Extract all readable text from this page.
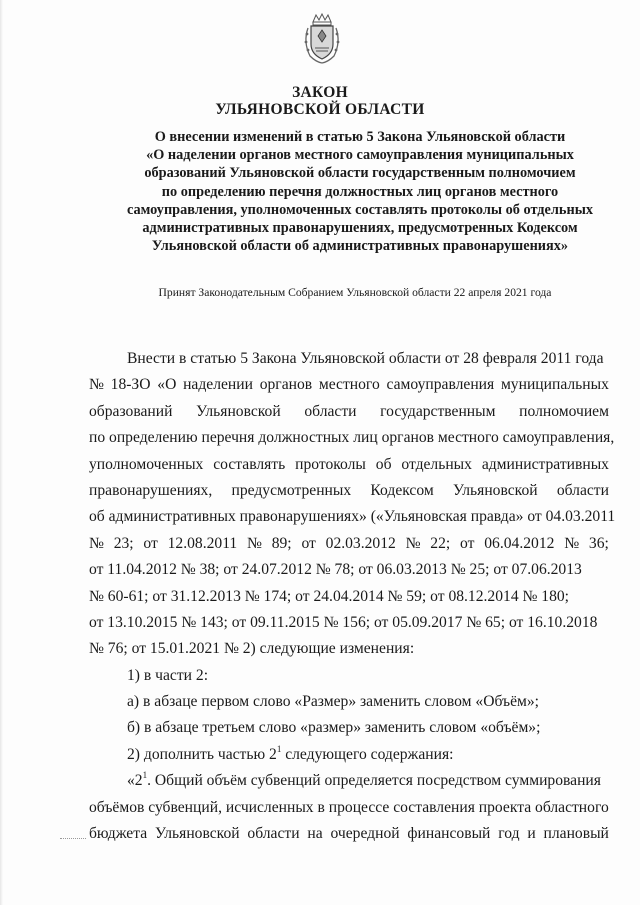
ЗАКОН
УЛЬЯНОВСКОЙ ОБЛАСТИ
О внесении изменений в статью 5 Закона Ульяновской области
«О наделении органов местного самоуправления муниципальных
образований Ульяновской области государственным полномочием
по определению перечня должностных лиц органов местного
самоуправления, уполномоченных составлять протоколы об отдельных
административных правонарушениях, предусмотренных Кодексом
Ульяновской области об административных правонарушениях»
Принят Законодательным Собранием Ульяновской области 22 апреля 2021 года
Внести в статью 5 Закона Ульяновской области от 28 февраля 2011 года
№ 18-ЗО «О наделении органов местного самоуправления муниципальных
образований Ульяновской области государственным полномочием
по определению перечня должностных лиц органов местного самоуправления,
уполномоченных составлять протоколы об отдельных административных
правонарушениях, предусмотренных Кодексом Ульяновской области
об административных правонарушениях» («Ульяновская правда» от 04.03.2011
№ 23; от 12.08.2011 № 89; от 02.03.2012 № 22; от 06.04.2012 № 36;
от 11.04.2012 № 38; от 24.07.2012 № 78; от 06.03.2013 № 25; от 07.06.2013
№ 60-61; от 31.12.2013 № 174; от 24.04.2014 № 59; от 08.12.2014 № 180;
от 13.10.2015 № 143; от 09.11.2015 № 156; от 05.09.2017 № 65; от 16.10.2018
№ 76; от 15.01.2021 № 2) следующие изменения:
1) в части 2:
а) в абзаце первом слово «Размер» заменить словом «Объём»;
б) в абзаце третьем слово «размер» заменить словом «объём»;
2) дополнить частью $2^1$ следующего содержания:
«$2^1$. Общий объём субвенций определяется посредством суммирования
объёмов субвенций, исчисленных в процессе составления проекта областного
бюджета Ульяновской области на очередной финансовый год и плановый
